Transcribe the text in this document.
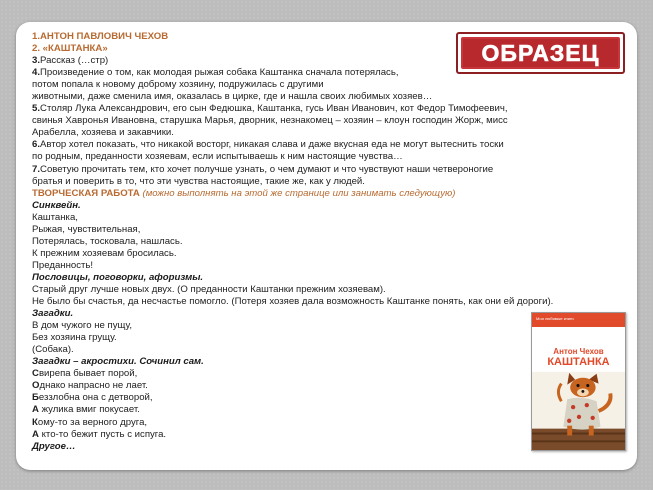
1.АНТОН ПАВЛОВИЧ ЧЕХОВ
2. «КАШТАНКА»
3.Рассказ (…стр)
4.Произведение о том, как молодая рыжая собака Каштанка сначала потерялась,
потом попала к новому доброму хозяину, подружилась с другими
животными, даже сменила имя, оказалась в цирке, где и нашла своих любимых хозяев…
5.Столяр Лука Александрович, его сын Федюшка, Каштанка, гусь Иван Иванович, кот Федор Тимофеевич,
свинья Хавронья Ивановна, старушка Марья, дворник, незнакомец – хозяин – клоун господин Жорж, мисс
Арабелла, хозяева и закавчики.
6.Автор хотел показать, что никакой восторг, никакая слава и даже вкусная еда не могут вытеснить тоски
по родным, преданности хозяевам, если испытываешь к ним настоящие чувства…
7.Советую прочитать тем, кто хочет получше узнать, о чем думают и что чувствуют наши четвероногие
братья и поверить в то, что эти чувства настоящие, такие же, как у людей.
ТВОРЧЕСКАЯ РАБОТА (можно выполнять на этой же странице или занимать следующую)
Синквейн.
Каштанка,
Рыжая, чувствительная,
Потерялась, тосковала, нашлась.
К прежним хозяевам бросилась.
Преданность!
Пословицы, поговорки, афоризмы.
Старый друг лучше новых двух. (О преданности Каштанки прежним хозяевам).
Не было бы счастья, да несчастье помогло. (Потеря хозяев дала возможность Каштанке понять, как они ей дороги).
Загадки.
В дом чужого не пущу,
Без хозяина грущу.
(Собака).
Загадки – акростихи. Сочинил сам.
Свирепа бывает порой,
Однако напрасно не лает.
Беззлобна она с детворой,
А жулика вмиг покусает.
Кому-то за верного друга,
А кто-то бежит пусть с испуга.
Другое…
ОБРАЗЕЦ
Мои любимые книги
Антон Чехов
КАШТАНКА
